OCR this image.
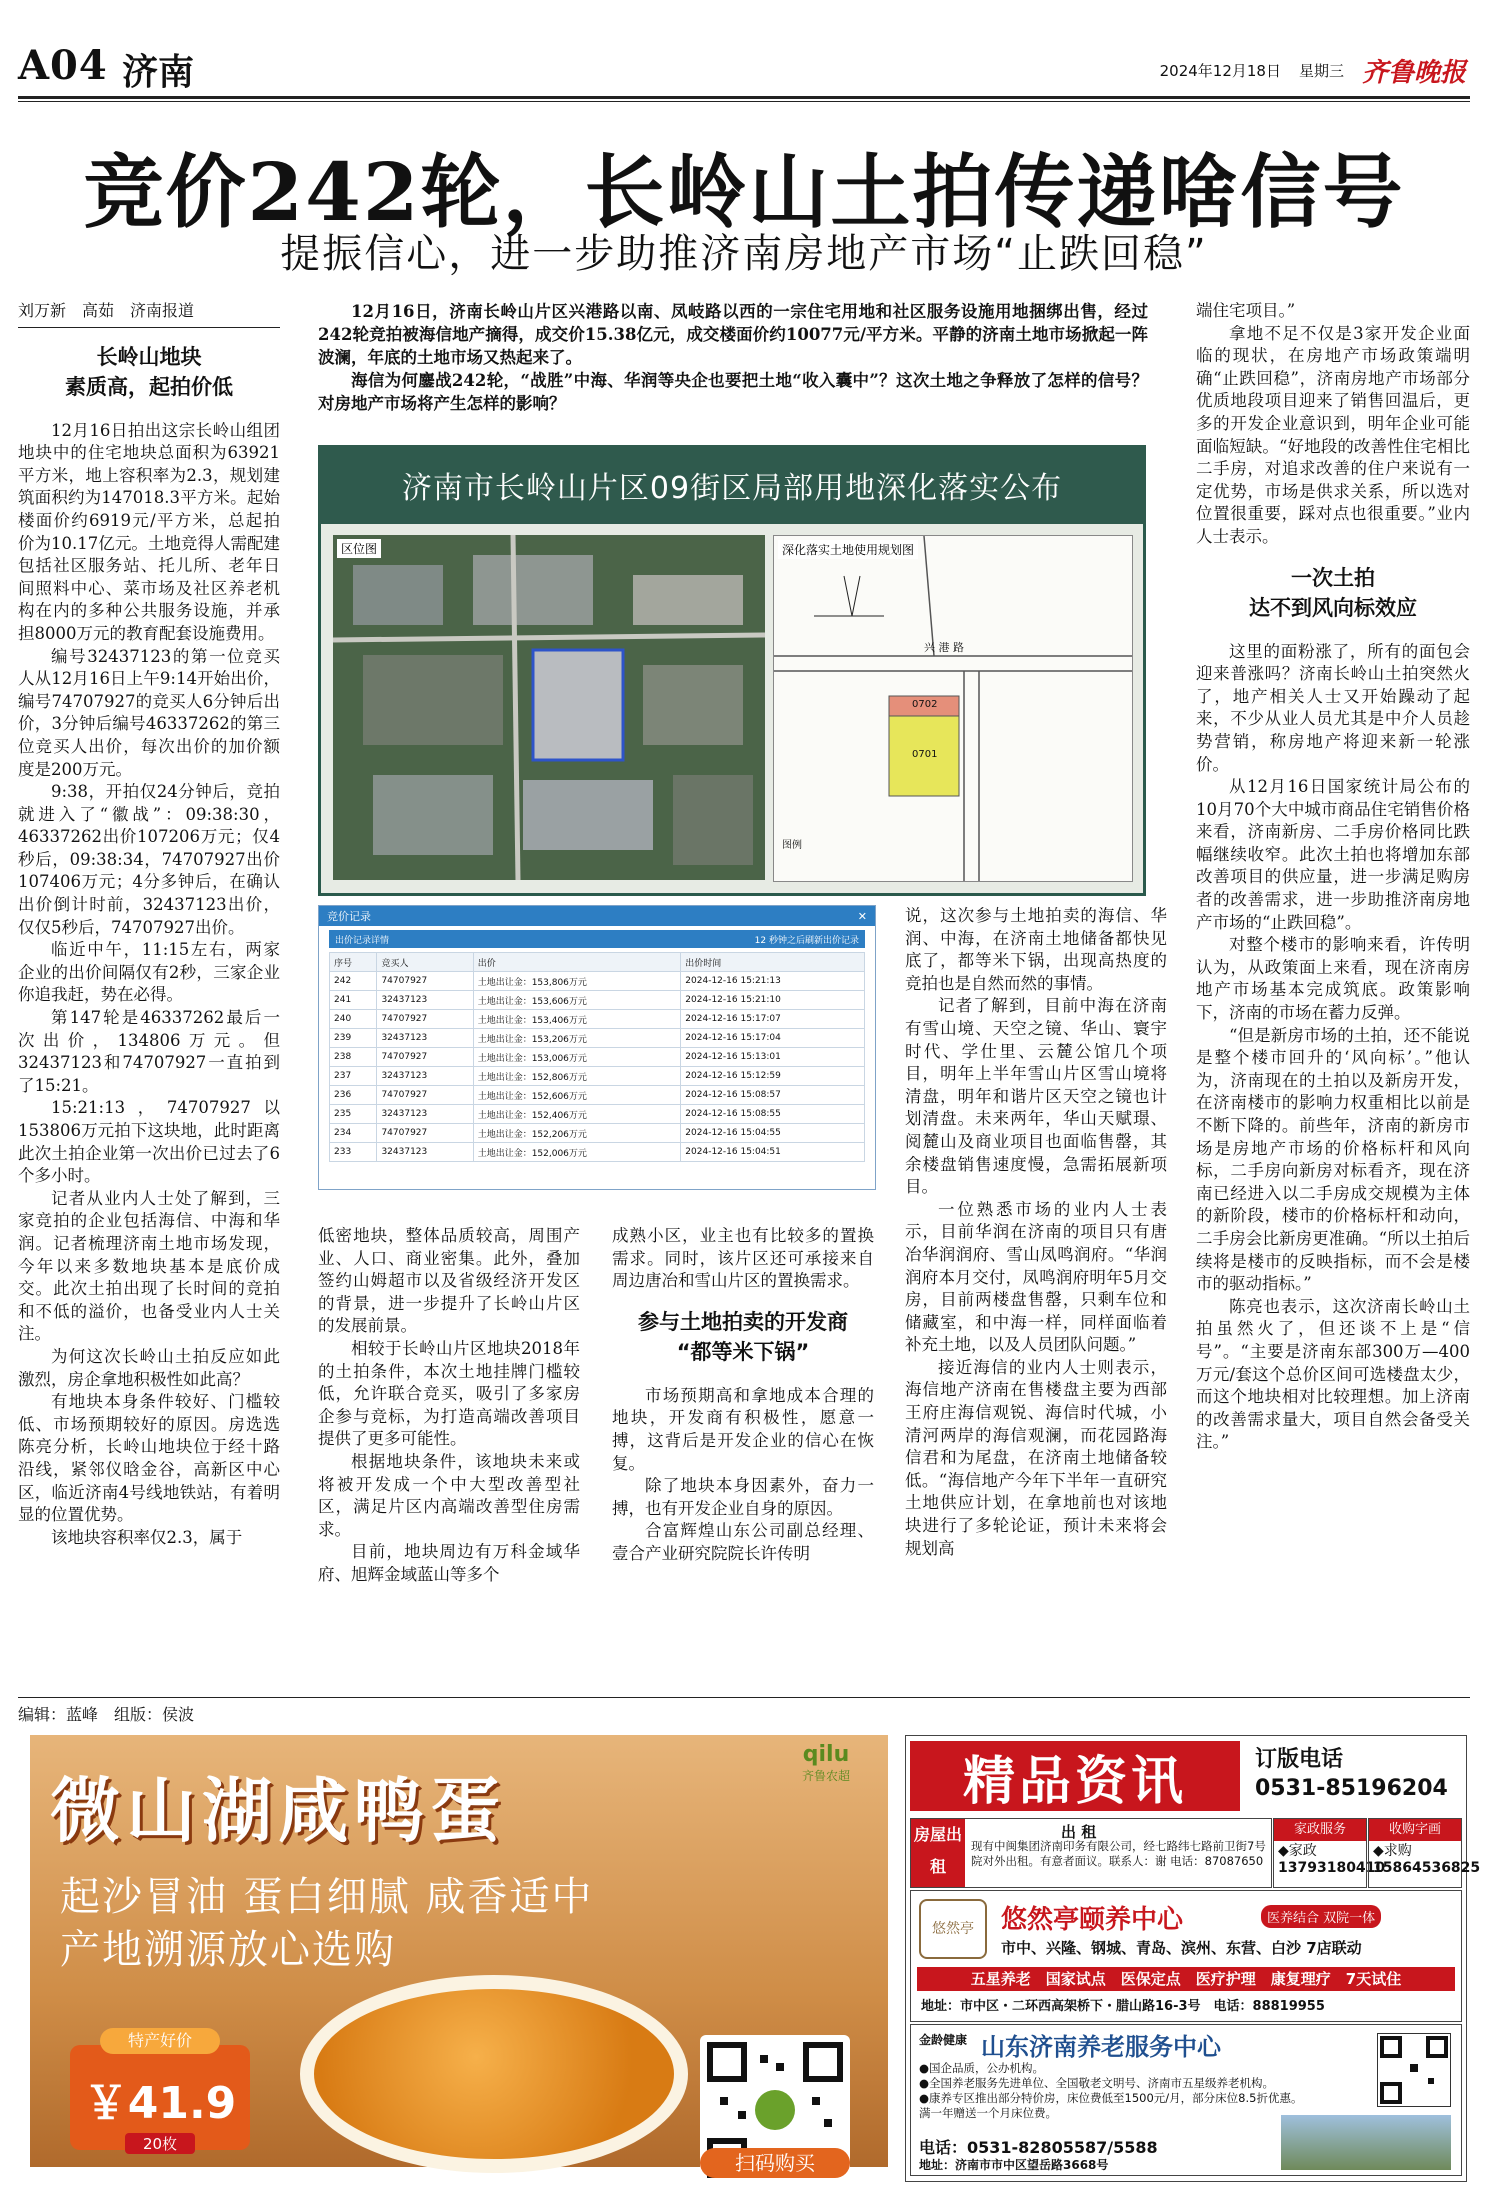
A04 济南	2024年12月18日 星期三 齐鲁晚报
竞价242轮，长岭山土拍传递啥信号
提振信心，进一步助推济南房地产市场“止跌回稳”
刘万新　高茹　济南报道
长岭山地块
素质高，起拍价低

12月16日拍出这宗长岭山组团地块中的住宅地块总面积为63921平方米，地上容积率为2.3，规划建筑面积约为147018.3平方米。起始楼面价约6919元/平方米，总起拍价为10.17亿元。土地竞得人需配建包括社区服务站、托儿所、老年日间照料中心、菜市场及社区养老机构在内的多种公共服务设施，并承担8000万元的教育配套设施费用。

编号32437123的第一位竞买人从12月16日上午9:14开始出价，编号74707927的竞买人6分钟后出价，3分钟后编号46337262的第三位竞买人出价，每次出价的加价额度是200万元。

9:38，开拍仅24分钟后，竞拍就进入了“徽战”：09:38:30，46337262出价107206万元；仅4秒后，09:38:34，74707927出价107406万元；4分多钟后，在确认出价倒计时前，32437123出价，仅仅5秒后，74707927出价。

临近中午，11:15左右，两家企业的出价间隔仅有2秒，三家企业你追我赶，势在必得。

第147轮是46337262最后一次出价，134806万元。但32437123和74707927一直拍到了15:21。

15:21:13，74707927以153806万元拍下这块地，此时距离此次土拍企业第一次出价已过去了6个多小时。

记者从业内人士处了解到，三家竞拍的企业包括海信、中海和华润。记者梳理济南土地市场发现，今年以来多数地块基本是底价成交。此次土拍出现了长时间的竞拍和不低的溢价，也备受业内人士关注。

为何这次长岭山土拍反应如此激烈，房企拿地积极性如此高？

有地块本身条件较好、门槛较低、市场预期较好的原因。房选选陈亮分析，长岭山地块位于经十路沿线，紧邻仪晗金谷，高新区中心区，临近济南4号线地铁站，有着明显的位置优势。

该地块容积率仅2.3，属于

12月16日，济南长岭山片区兴港路以南、凤岐路以西的一宗住宅用地和社区服务设施用地捆绑出售，经过242轮竞拍被海信地产摘得，成交价15.38亿元，成交楼面价约10077元/平方米。平静的济南土地市场掀起一阵波澜，年底的土地市场又热起来了。

海信为何鏖战242轮，“战胜”中海、华润等央企也要把土地“收入囊中”？这次土地之争释放了怎样的信号？对房地产市场将产生怎样的影响？

端住宅项目。”

拿地不足不仅是3家开发企业面临的现状，在房地产市场政策端明确“止跌回稳”，济南房地产市场部分优质地段项目迎来了销售回温后，更多的开发企业意识到，明年企业可能面临短缺。“好地段的改善性住宅相比二手房，对追求改善的住户来说有一定优势，市场是供求关系，所以选对位置很重要，踩对点也很重要。”业内人士表示。

一次土拍
达不到风向标效应

这里的面粉涨了，所有的面包会迎来普涨吗？济南长岭山土拍突然火了，地产相关人士又开始躁动了起来，不少从业人员尤其是中介人员趁势营销，称房地产将迎来新一轮涨价。

从12月16日国家统计局公布的10月70个大中城市商品住宅销售价格来看，济南新房、二手房价格同比跌幅继续收窄。此次土拍也将增加东部改善项目的供应量，进一步满足购房者的改善需求，进一步助推济南房地产市场的“止跌回稳”。

对整个楼市的影响来看，许传明认为，从政策面上来看，现在济南房地产市场基本完成筑底。政策影响下，济南的市场在蓄力反弹。

“但是新房市场的土拍，还不能说是整个楼市回升的‘风向标’。”他认为，济南现在的土拍以及新房开发，在济南楼市的影响力权重相比以前是不断下降的。前些年，济南的新房市场是房地产市场的价格标杆和风向标，二手房向新房对标看齐，现在济南已经进入以二手房成交规模为主体的新阶段，楼市的价格标杆和动向，二手房会比新房更准确。“所以土拍后续将是楼市的反映指标，而不会是楼市的驱动指标。”

陈亮也表示，这次济南长岭山土拍虽然火了，但还谈不上是“信号”。“主要是济南东部300万—400万元/套这个总价区间可选楼盘太少，而这个地块相对比较理想。加上济南的改善需求量大，项目自然会备受关注。”

济南市长岭山片区09街区局部用地深化落实公布
区位图	深化落实土地使用规划图
兴 港 路
0702
0701
图例
竞价记录	✕
出价记录详情	12 秒钟之后刷新出价记录
序号	竞买人	出价	出价时间
242	74707927	土地出让金：153,806万元	2024-12-16 15:21:13
241	32437123	土地出让金：153,606万元	2024-12-16 15:21:10
240	74707927	土地出让金：153,406万元	2024-12-16 15:17:07
239	32437123	土地出让金：153,206万元	2024-12-16 15:17:04
238	74707927	土地出让金：153,006万元	2024-12-16 15:13:01
237	32437123	土地出让金：152,806万元	2024-12-16 15:12:59
236	74707927	土地出让金：152,606万元	2024-12-16 15:08:57
235	32437123	土地出让金：152,406万元	2024-12-16 15:08:55
234	74707927	土地出让金：152,206万元	2024-12-16 15:04:55
233	32437123	土地出让金：152,006万元	2024-12-16 15:04:51

低密地块，整体品质较高，周围产业、人口、商业密集。此外，叠加签约山姆超市以及省级经济开发区的背景，进一步提升了长岭山片区的发展前景。

相较于长岭山片区地块2018年的土拍条件，本次土地挂牌门槛较低，允许联合竞买，吸引了多家房企参与竞标，为打造高端改善项目提供了更多可能性。

根据地块条件，该地块未来或将被开发成一个中大型改善型社区，满足片区内高端改善型住房需求。

目前，地块周边有万科金域华府、旭辉金域蓝山等多个

成熟小区，业主也有比较多的置换需求。同时，该片区还可承接来自周边唐冶和雪山片区的置换需求。

参与土地拍卖的开发商
“都等米下锅”

市场预期高和拿地成本合理的地块，开发商有积极性，愿意一搏，这背后是开发企业的信心在恢复。

除了地块本身因素外，奋力一搏，也有开发企业自身的原因。

合富辉煌山东公司副总经理、壹合产业研究院院长许传明

说，这次参与土地拍卖的海信、华润、中海，在济南土地储备都快见底了，都等米下锅，出现高热度的竞拍也是自然而然的事情。

记者了解到，目前中海在济南有雪山境、天空之镜、华山、寰宇时代、学仕里、云麓公馆几个项目，明年上半年雪山片区雪山境将清盘，明年和谐片区天空之镜也计划清盘。未来两年，华山天赋璟、阅麓山及商业项目也面临售罄，其余楼盘销售速度慢，急需拓展新项目。

一位熟悉市场的业内人士表示，目前华润在济南的项目只有唐冶华润润府、雪山凤鸣润府。“华润润府本月交付，凤鸣润府明年5月交房，目前两楼盘售罄，只剩车位和储藏室，和中海一样，同样面临着补充土地，以及人员团队问题。”

接近海信的业内人士则表示，海信地产济南在售楼盘主要为西部王府庄海信观锐、海信时代城，小清河两岸的海信观澜，而花园路海信君和为尾盘，在济南土地储备较低。“海信地产今年下半年一直研究土地供应计划，在拿地前也对该地块进行了多轮论证，预计未来将会规划高

编辑：蓝峰　组版：侯波
微山湖咸鸭蛋
起沙冒油 蛋白细腻 咸香适中
产地溯源放心选购
￥41.9
20枚
特产好价
qilu
齐鲁农超
扫码购买
精品资讯	订版电话
0531-85196204
房屋出租
出 租
现有中闽集团济南印务有限公司，经七路纬七路前卫街7号院对外出租。有意者面议。联系人：谢 电话：87087650
家政服务
◆家政
13793180410
收购字画
◆求购
15864536825
悠然亭	悠然亭颐养中心	医养结合 双院一体
市中、兴隆、钢城、青岛、滨州、东营、白沙 7店联动
五星养老　国家试点　医保定点　医疗护理　康复理疗　7天试住
地址：市中区・二环西高架桥下・腊山路16-3号　电话：88819955
金龄健康 山东济南养老服务中心
●国企品质，公办机构。
●全国养老服务先进单位、全国敬老文明号、济南市五星级养老机构。
●康养专区推出部分特价房，床位费低至1500元/月，部分床位8.5折优惠。
满一年赠送一个月床位费。
电话：0531-82805587/5588
地址：济南市市中区望岳路3668号
